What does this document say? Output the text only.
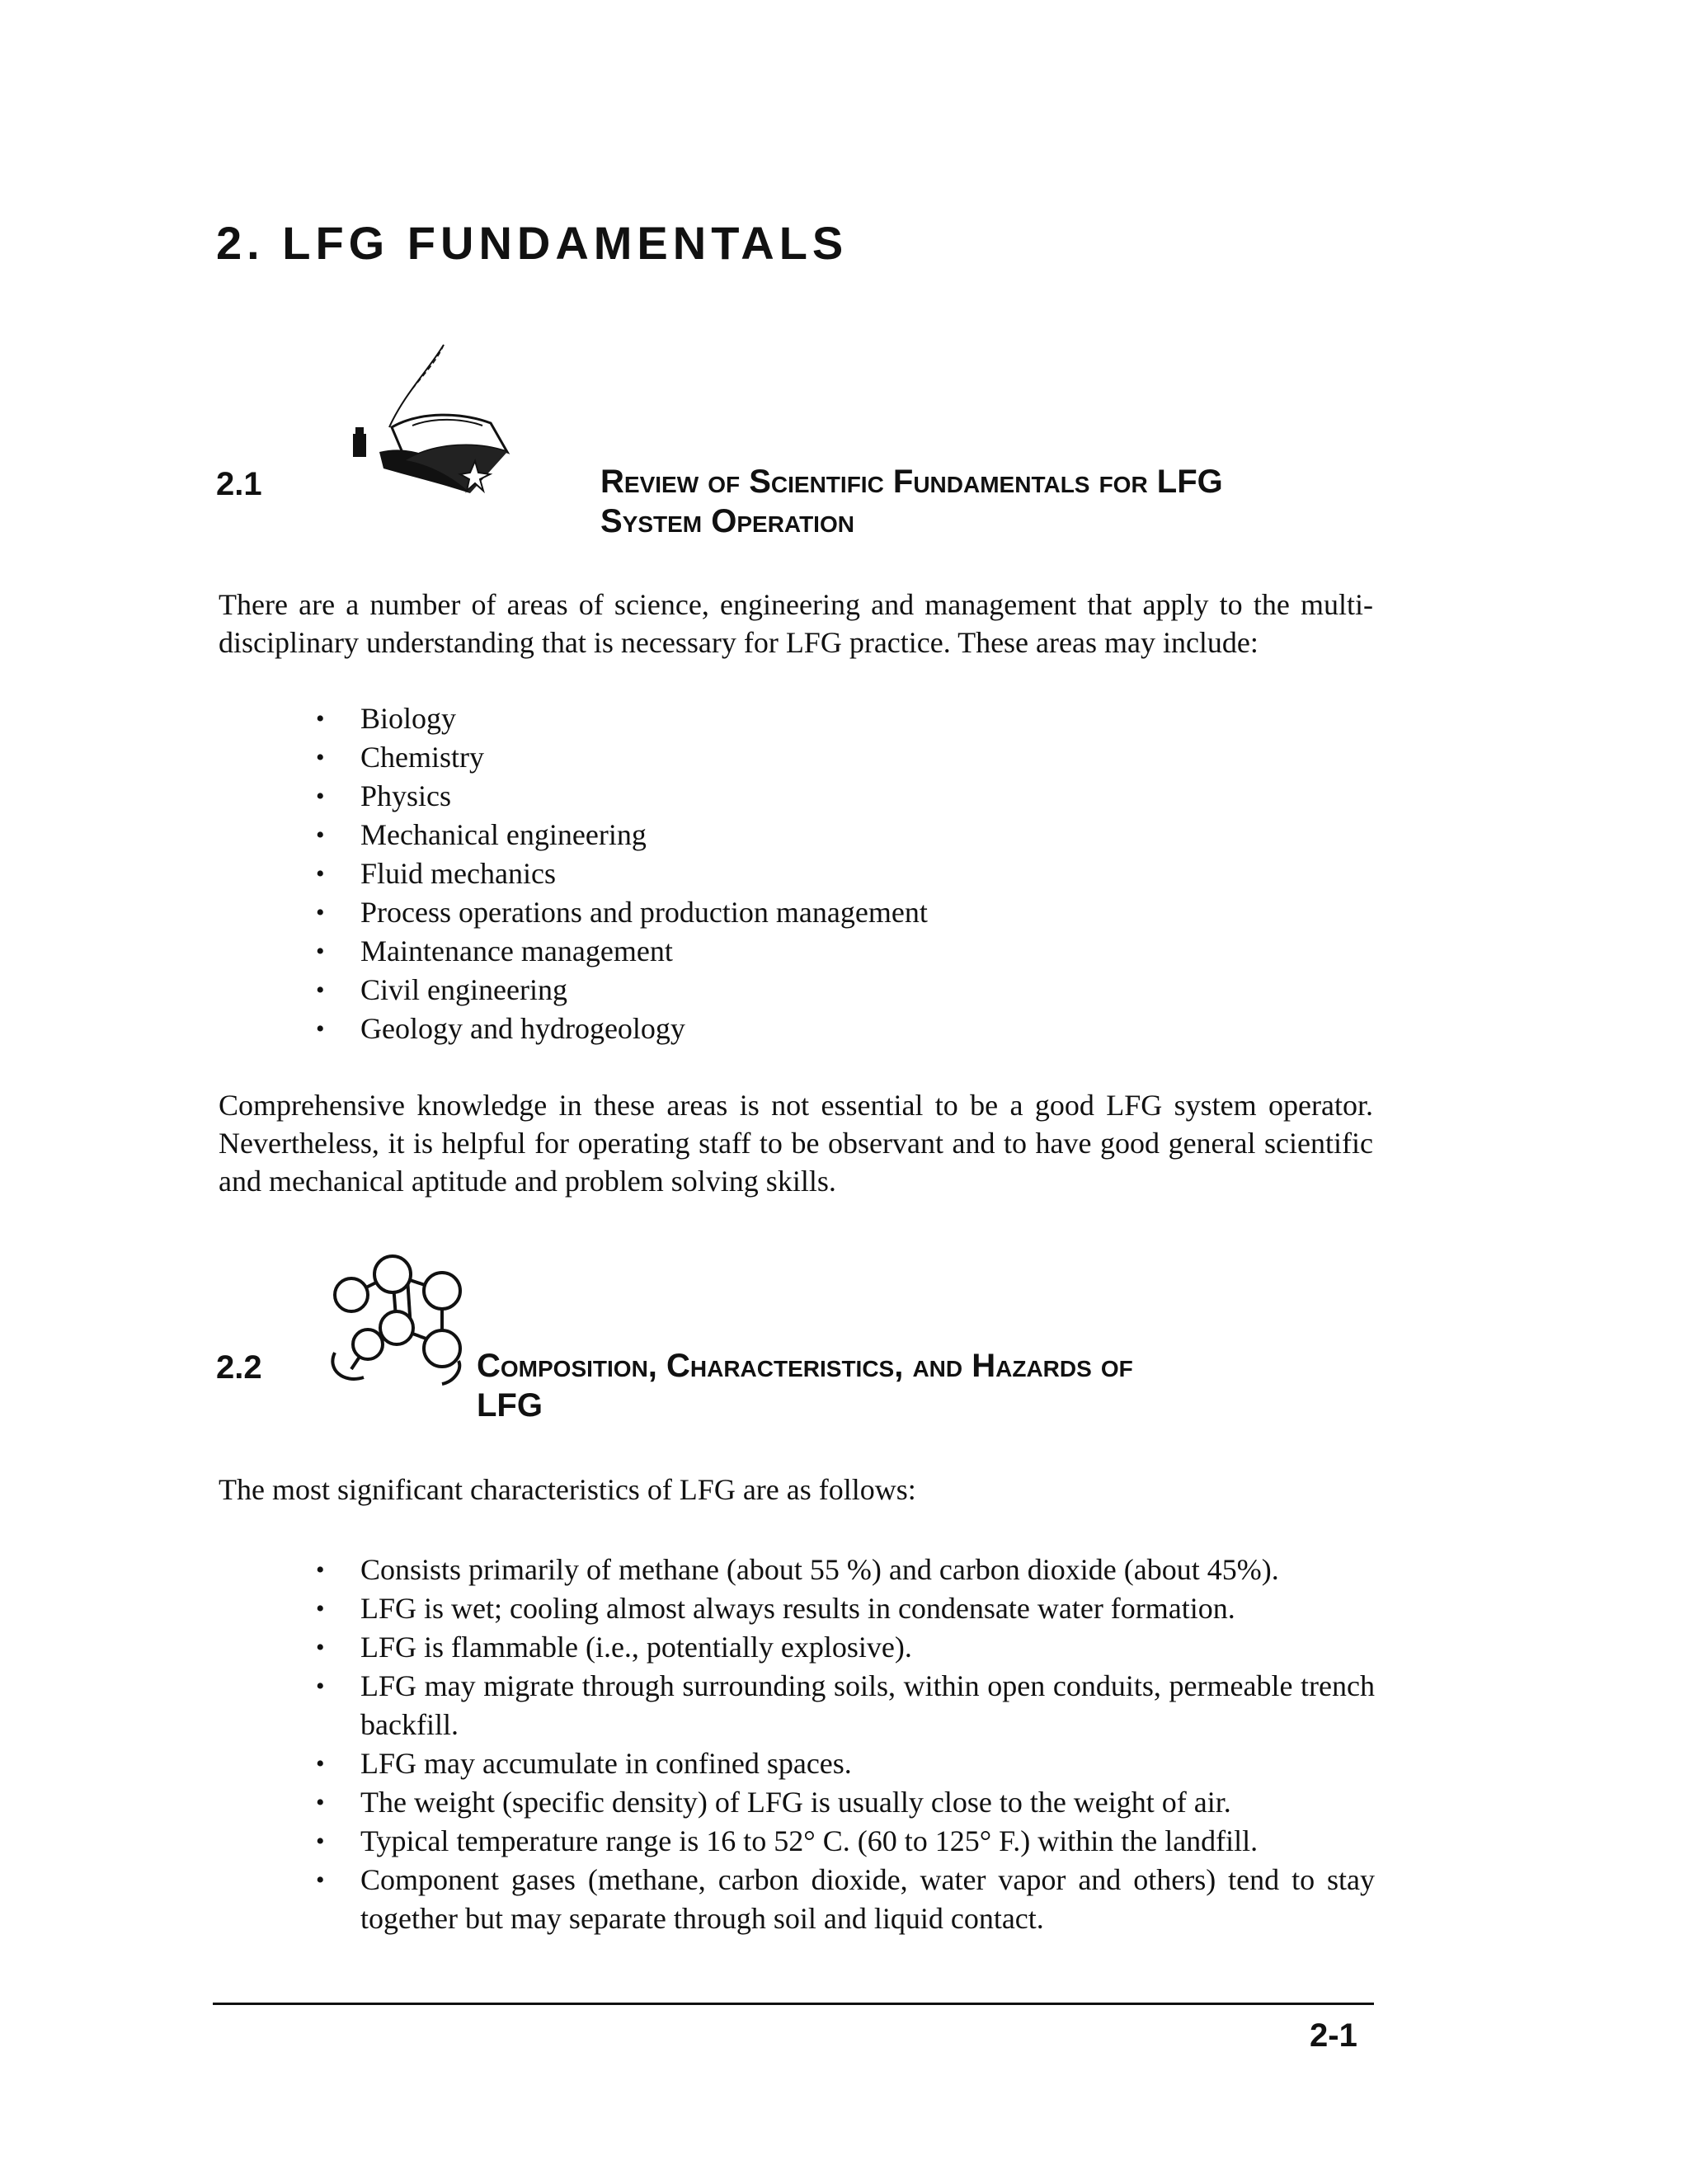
2. LFG FUNDAMENTALS
2.1	Review of Scientific Fundamentals for LFG
System Operation

There are a number of areas of science, engineering and management that apply to the multi-disciplinary understanding that is necessary for LFG practice. These areas may include:

• Biology
• Chemistry
• Physics
• Mechanical engineering
• Fluid mechanics
• Process operations and production management
• Maintenance management
• Civil engineering
• Geology and hydrogeology

Comprehensive knowledge in these areas is not essential to be a good LFG system operator. Nevertheless, it is helpful for operating staff to be observant and to have good general scientific and mechanical aptitude and problem solving skills.

2.2	Composition, Characteristics, and Hazards of
LFG

The most significant characteristics of LFG are as follows:

• Consists primarily of methane (about 55 %) and carbon dioxide (about 45%).
• LFG is wet; cooling almost always results in condensate water formation.
• LFG is flammable (i.e., potentially explosive).
• LFG may migrate through surrounding soils, within open conduits, permeable trench backfill.
• LFG may accumulate in confined spaces.
• The weight (specific density) of LFG is usually close to the weight of air.
• Typical temperature range is 16 to 52° C. (60 to 125° F.) within the landfill.
• Component gases (methane, carbon dioxide, water vapor and others) tend to stay together but may separate through soil and liquid contact.
2-1
